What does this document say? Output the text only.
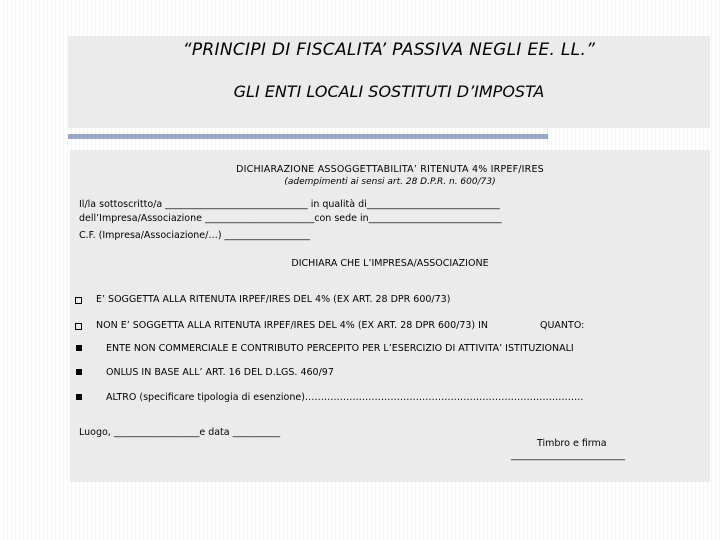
“PRINCIPI DI FISCALITA’ PASSIVA NEGLI EE. LL.”
GLI ENTI LOCALI SOSTITUTI D’IMPOSTA
DICHIARAZIONE ASSOGGETTABILITA’ RITENUTA 4% IRPEF/IRES
(adempimenti ai sensi art. 28 D.P.R. n. 600/73)
Il/la sottoscritto/a ______________________________ in qualità di____________________________
dell’Impresa/Associazione _______________________con sede in____________________________
C.F. (Impresa/Associazione/…) __________________
DICHIARA CHE L’IMPRESA/ASSOCIAZIONE
E’ SOGGETTA ALLA RITENUTA IRPEF/IRES DEL 4% (EX ART. 28 DPR 600/73)
NON E’ SOGGETTA ALLA RITENUTA IRPEF/IRES DEL 4% (EX ART. 28 DPR 600/73) IN	QUANTO:
ENTE NON COMMERCIALE E CONTRIBUTO PERCEPITO PER L’ESERCIZIO DI ATTIVITA’ ISTITUZIONALI
ONLUS IN BASE ALL’ ART. 16 DEL D.LGS. 460/97
ALTRO (specificare tipologia di esenzione)…………………………………………………………………………….
Luogo, __________________e data __________
Timbro e firma
________________________
